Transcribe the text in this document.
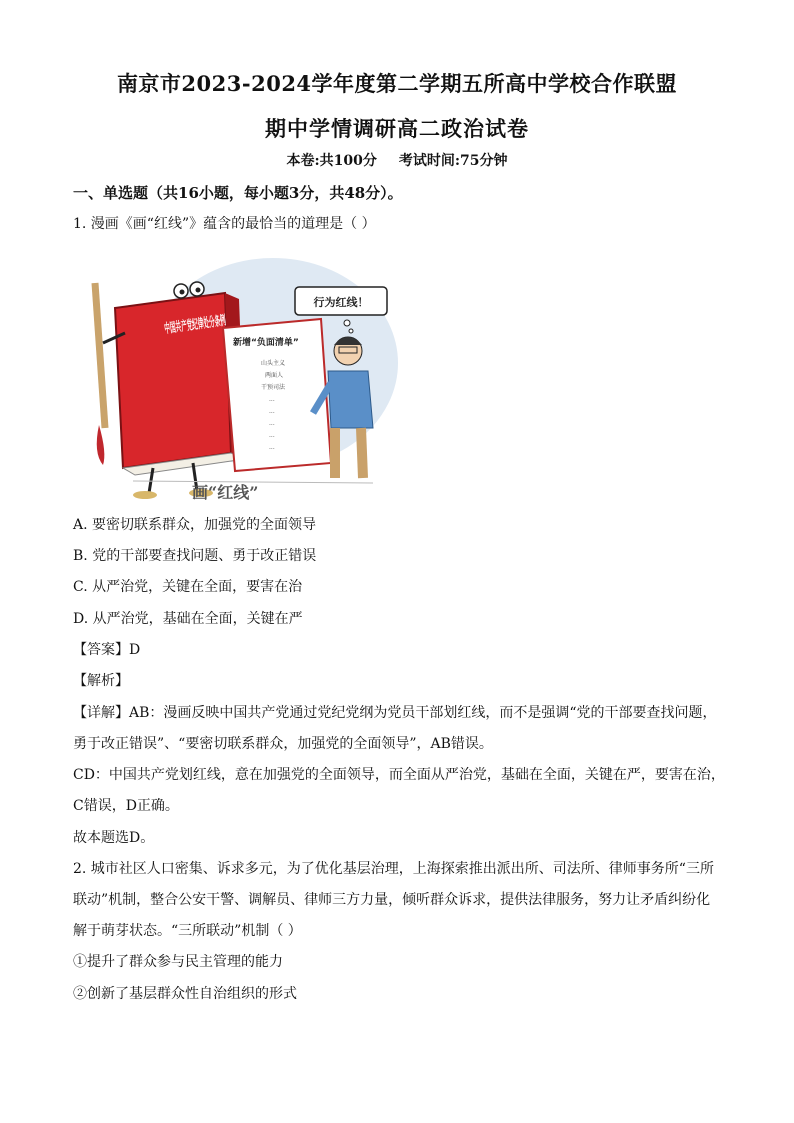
南京市2023-2024学年度第二学期五所高中学校合作联盟
期中学情调研高二政治试卷
本卷:共100分 考试时间:75分钟
一、单选题（共16小题，每小题3分，共48分）。
1. 漫画《画“红线”》蕴含的最恰当的道理是（ ）
新增“负面清单”
山头主义
两面人
干预司法
...
...
...
...
...
行为红线！
画“红线”
A. 要密切联系群众，加强党的全面领导
B. 党的干部要查找问题、勇于改正错误
C. 从严治党，关键在全面，要害在治
D. 从严治党，基础在全面，关键在严
【答案】D
【解析】
【详解】AB：漫画反映中国共产党通过党纪党纲为党员干部划红线，而不是强调“党的干部要查找问题，
勇于改正错误”、“要密切联系群众，加强党的全面领导”，AB错误。
CD：中国共产党划红线，意在加强党的全面领导，而全面从严治党，基础在全面，关键在严，要害在治，
C错误，D正确。
故本题选D。
2. 城市社区人口密集、诉求多元，为了优化基层治理，上海探索推出派出所、司法所、律师事务所“三所
联动”机制，整合公安干警、调解员、律师三方力量，倾听群众诉求，提供法律服务，努力让矛盾纠纷化
解于萌芽状态。“三所联动”机制（ ）
①提升了群众参与民主管理的能力
②创新了基层群众性自治组织的形式
